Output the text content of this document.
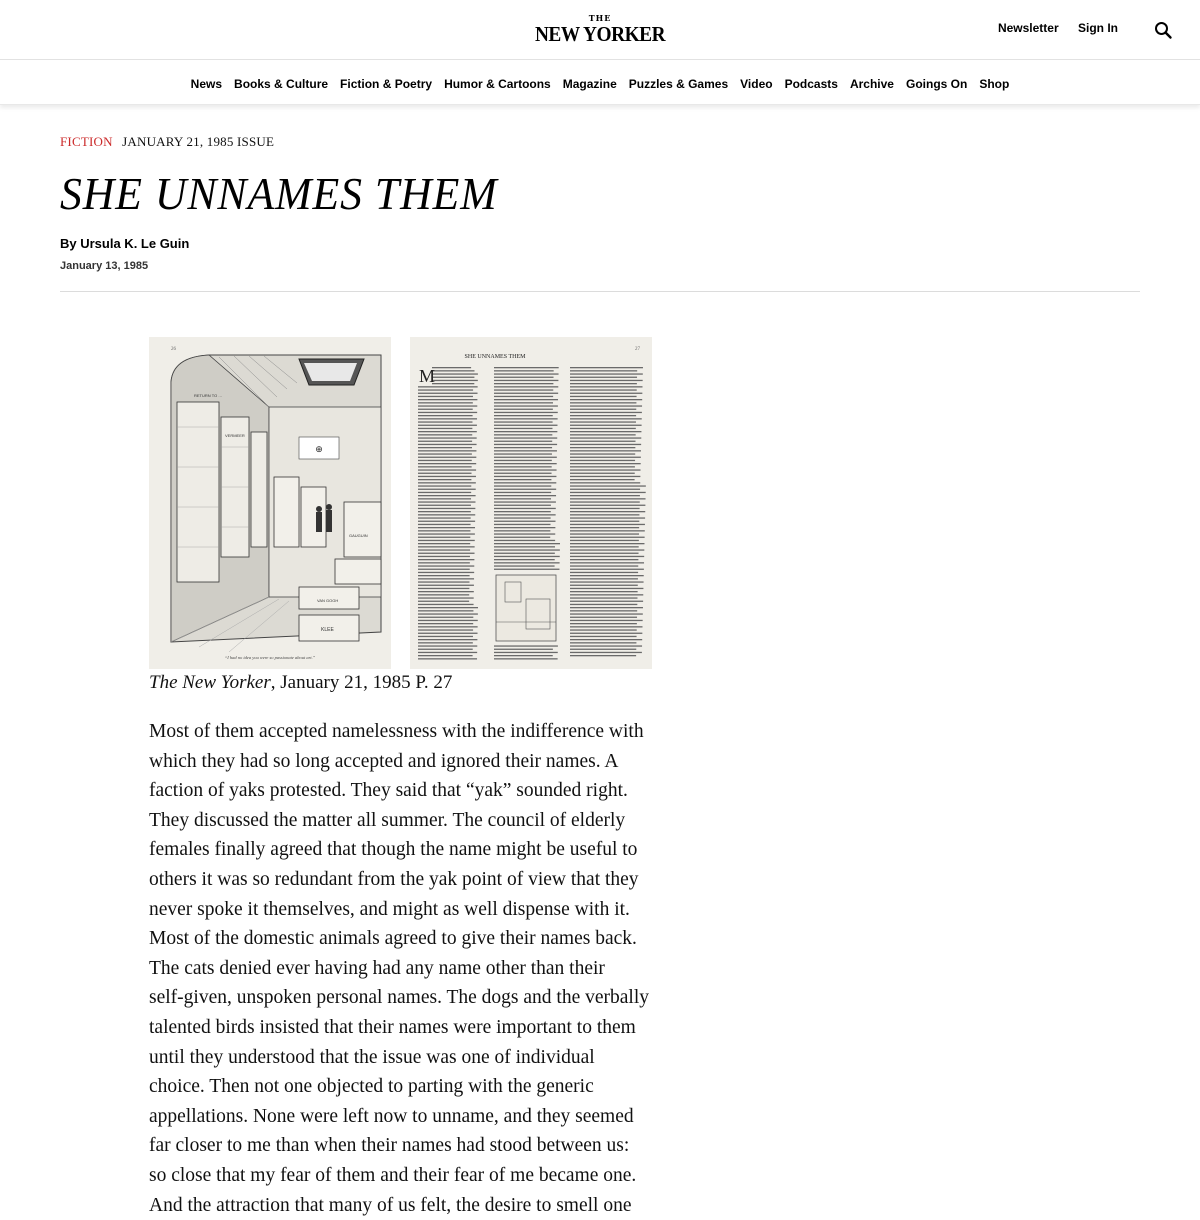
THE
NEW YORKER	Newsletter Sign In
News Books & Culture Fiction & Poetry Humor & Cartoons Magazine Puzzles & Games Video Podcasts Archive Goings On Shop
FICTION JANUARY 21, 1985 ISSUE
SHE UNNAMES THEM
By Ursula K. Le Guin
January 13, 1985
26
⊕
RETURN TO …
VERMEER
GAUGUIN
VAN GOGH
KLEE
“I had no idea you were so passionate about art.”
27
SHE UNNAMES THEM
M
The New Yorker, January 21, 1985 P. 27
Most of them accepted namelessness with the indifference with
which they had so long accepted and ignored their names. A
faction of yaks protested. They said that “yak” sounded right.
They discussed the matter all summer. The council of elderly
females finally agreed that though the name might be useful to
others it was so redundant from the yak point of view that they
never spoke it themselves, and might as well dispense with it.
Most of the domestic animals agreed to give their names back.
The cats denied ever having had any name other than their
self-given, unspoken personal names. The dogs and the verbally
talented birds insisted that their names were important to them
until they understood that the issue was one of individual
choice. Then not one objected to parting with the generic
appellations. None were left now to unname, and they seemed
far closer to me than when their names had stood between us:
so close that my fear of them and their fear of me became one.
And the attraction that many of us felt, the desire to smell one
